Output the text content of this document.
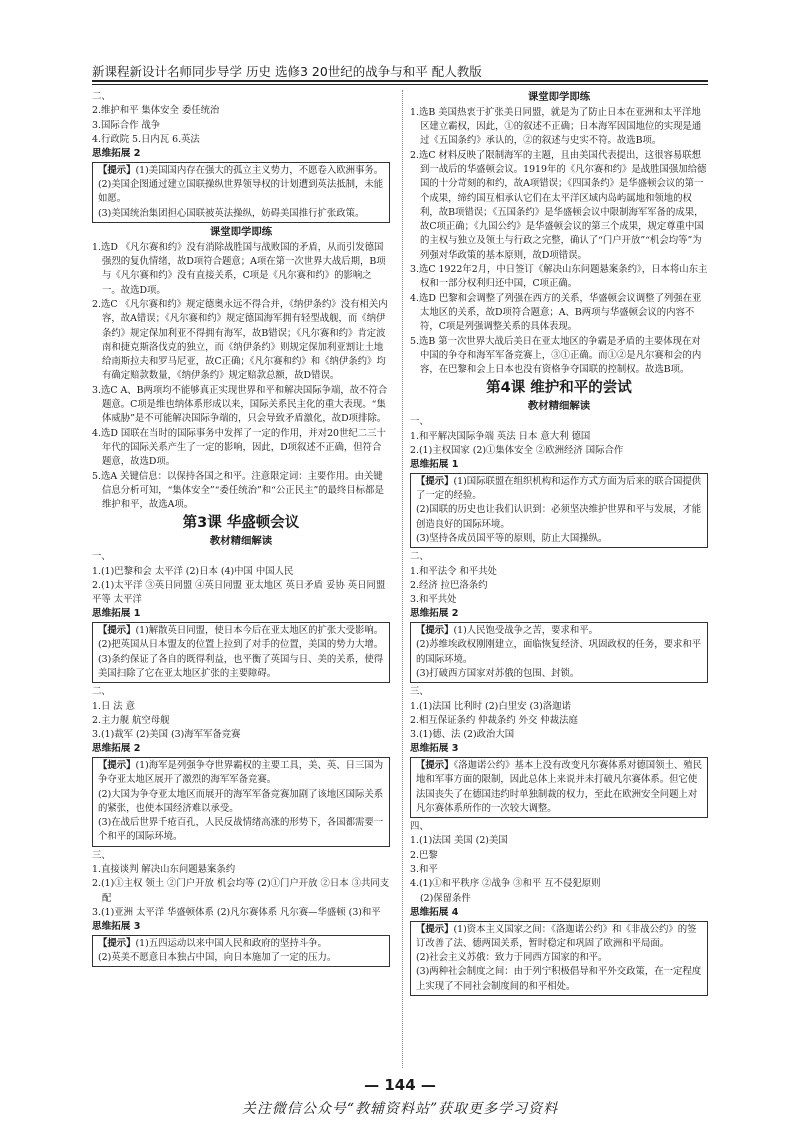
新课程新设计名师同步导学 历史 选修3 20世纪的战争与和平 配人教版

二、

2.维护和平 集体安全 委任统治

3.国际合作 战争

4.行政院 5.日内瓦 6.英法

思维拓展 2

【提示】(1)美国国内存在强大的孤立主义势力，不愿卷入欧洲事务。

(2)美国企图通过建立国联操纵世界领导权的计划遭到英法抵制，未能如愿。

(3)美国统治集团担心国联被英法操纵，妨碍美国推行扩张政策。

课堂即学即练

1.选D 《凡尔赛和约》没有消除战胜国与战败国的矛盾，从而引发德国强烈的复仇情绪，故D项符合题意；A项在第一次世界大战后期，B项与《凡尔赛和约》没有直接关系，C项是《凡尔赛和约》的影响之一。故选D项。

2.选C 《凡尔赛和约》规定德奥永远不得合并，《纳伊条约》没有相关内容，故A错误；《凡尔赛和约》规定德国海军拥有轻型战舰，而《纳伊条约》规定保加利亚不得拥有海军，故B错误；《凡尔赛和约》肯定波南和捷克斯洛伐克的独立，而《纳伊条约》则规定保加利亚割让土地给南斯拉夫和罗马尼亚，故C正确；《凡尔赛和约》和《纳伊条约》均有确定赔款数量，《纳伊条约》规定赔款总额，故D错误。

3.选C A、B两项均不能够真正实现世界和平和解决国际争端，故不符合题意。C项是维也纳体系形成以来，国际关系民主化的重大表现。“集体威胁”是不可能解决国际争端的，只会导致矛盾激化，故D项排除。

4.选D 国联在当时的国际事务中发挥了一定的作用，并对20世纪二三十年代的国际关系产生了一定的影响，因此，D项叙述不正确，但符合题意，故选D项。

5.选A 关键信息：以保持各国之和平。注意限定词：主要作用。由关键信息分析可知，“集体安全”“委任统治”和“公正民主”的最终目标都是维护和平，故选A项。

第3课 华盛顿会议

教材精细解读

一、

1.(1)巴黎和会 太平洋 (2)日本 (4)中国 中国人民

2.(1)太平洋 ③英日同盟 ④英日同盟 亚太地区 英日矛盾 妥协 英日同盟 平等 太平洋

思维拓展 1

【提示】(1)解散英日同盟，使日本今后在亚太地区的扩张大受影响。

(2)把英国从日本盟友的位置上拉到了对手的位置，美国的势力大增。

(3)条约保证了各自的既得利益，也平衡了英国与日、美的关系，使得美国扫除了它在亚太地区扩张的主要障碍。

二、

1.日 法 意

2.主力舰 航空母舰

3.(1)裁军 (2)美国 (3)海军军备竞赛

思维拓展 2

【提示】(1)海军是列强争夺世界霸权的主要工具，美、英、日三国为争夺亚太地区展开了激烈的海军军备竞赛。

(2)大国为争夺亚太地区而展开的海军军备竞赛加剧了该地区国际关系的紧张，也使本国经济难以承受。

(3)在战后世界千疮百孔，人民反战情绪高涨的形势下，各国都需要一个和平的国际环境。

三、

1.直接谈判 解决山东问题悬案条约

2.(1)①主权 领土 ②门户开放 机会均等 (2)①门户开放 ②日本 ③共同支配

3.(1)亚洲 太平洋 华盛顿体系 (2)凡尔赛体系 凡尔赛—华盛顿 (3)和平

思维拓展 3

【提示】(1)五四运动以来中国人民和政府的坚持斗争。

(2)英美不愿意日本独占中国，向日本施加了一定的压力。

课堂即学即练

1.选B 美国热衷于扩张美日同盟，就是为了防止日本在亚洲和太平洋地区建立霸权，因此，①的叙述不正确；日本海军因国地位的实现是通过《五国条约》承认的，②的叙述与史实不符。故选B项。

2.选C 材料反映了限制海军的主题，且由美国代表提出，这很容易联想到一战后的华盛顿会议。1919年的《凡尔赛和约》是战胜国强加给德国的十分苛刻的和约，故A项错误；《四国条约》是华盛顿会议的第一个成果，缔约国互相承认它们在太平洋区域内岛屿属地和领地的权利，故B项错误；《五国条约》是华盛顿会议中限制海军军备的成果，故C项正确；《九国公约》是华盛顿会议的第三个成果，规定尊重中国的主权与独立及领土与行政之完整，确认了“门户开放”“机会均等”为列强对华政策的基本原则，故D项错误。

3.选C 1922年2月，中日签订《解决山东问题悬案条约》，日本将山东主权和一部分权利归还中国，C项正确。

4.选D 巴黎和会调整了列强在西方的关系，华盛顿会议调整了列强在亚太地区的关系，故D项符合题意；A、B两项与华盛顿会议的内容不符，C项是列强调整关系的具体表现。

5.选B 第一次世界大战后美日在亚太地区的争霸是矛盾的主要体现在对中国的争夺和海军军备竞赛上，③①正确。而①②是凡尔赛和会的内容，在巴黎和会上日本也没有资格争夺国联的控制权。故选B项。

第4课 维护和平的尝试

教材精细解读

一、

1.和平解决国际争端 英法 日本 意大利 德国

2.(1)主权国家 (2)①集体安全 ②欧洲经济 国际合作

思维拓展 1

【提示】(1)国际联盟在组织机构和运作方式方面为后来的联合国提供了一定的经验。

(2)国联的历史也让我们认识到：必须坚决维护世界和平与发展，才能创造良好的国际环境。

(3)坚持各成员国平等的原则，防止大国操纵。

二、

1.和平法令 和平共处

2.经济 拉巴洛条约

3.和平共处

思维拓展 2

【提示】(1)人民饱受战争之苦，要求和平。

(2)苏维埃政权刚刚建立，面临恢复经济、巩固政权的任务，要求和平的国际环境。

(3)打破西方国家对苏俄的包围、封锁。

三、

1.(1)法国 比利时 (2)白里安 (3)洛迦诺

2.相互保证条约 仲裁条约 外交 仲裁法庭

3.(1)德、法 (2)政治大国

思维拓展 3

【提示】《洛迦诺公约》基本上没有改变凡尔赛体系对德国领土、殖民地和军事方面的限制，因此总体上来说并未打破凡尔赛体系。但它使法国丧失了在德国违约时单独制裁的权力，至此在欧洲安全问题上对凡尔赛体系所作的一次较大调整。

四、

1.(1)法国 美国 (2)美国

2.巴黎

3.和平

4.(1)①和平秩序 ②战争 ③和平 互不侵犯原则

(2)保留条件

思维拓展 4

【提示】(1)资本主义国家之间：《洛迦诺公约》和《非战公约》的签订改善了法、德两国关系，暂时稳定和巩固了欧洲和平局面。

(2)社会主义苏俄：致力于同西方国家的和平。

(3)两种社会制度之间：由于列宁积极倡导和平外交政策，在一定程度上实现了不同社会制度间的和平相处。

— 144 —
关注微信公众号“教辅资料站”获取更多学习资料
